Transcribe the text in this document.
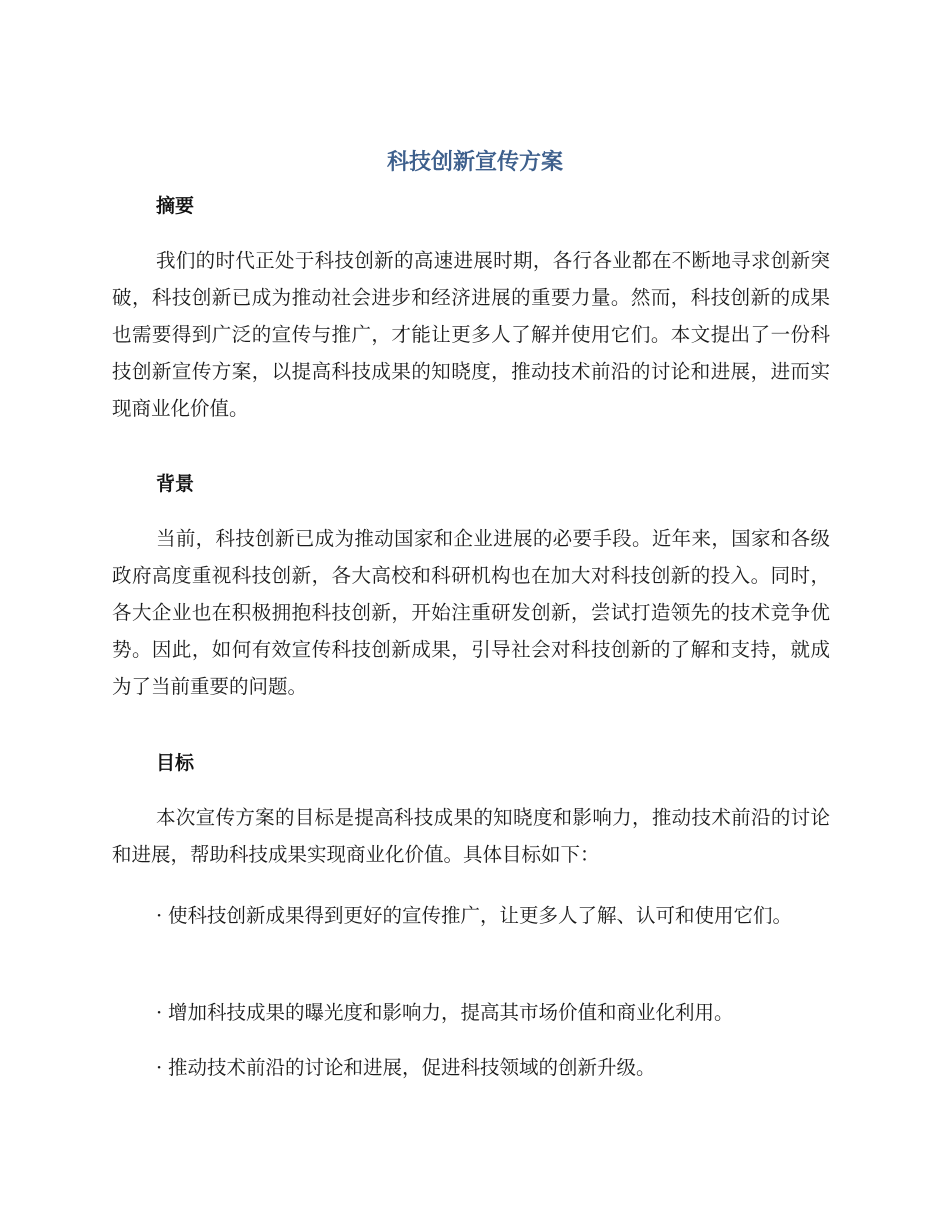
科技创新宣传方案
摘要

我们的时代正处于科技创新的高速进展时期，各行各业都在不断地寻求创新突破，科技创新已成为推动社会进步和经济进展的重要力量。然而，科技创新的成果也需要得到广泛的宣传与推广，才能让更多人了解并使用它们。本文提出了一份科技创新宣传方案，以提高科技成果的知晓度，推动技术前沿的讨论和进展，进而实现商业化价值。

背景

当前，科技创新已成为推动国家和企业进展的必要手段。近年来，国家和各级政府高度重视科技创新，各大高校和科研机构也在加大对科技创新的投入。同时，各大企业也在积极拥抱科技创新，开始注重研发创新，尝试打造领先的技术竞争优势。因此，如何有效宣传科技创新成果，引导社会对科技创新的了解和支持，就成为了当前重要的问题。

目标

本次宣传方案的目标是提高科技成果的知晓度和影响力，推动技术前沿的讨论和进展，帮助科技成果实现商业化价值。具体目标如下：

· 使科技创新成果得到更好的宣传推广，让更多人了解、认可和使用它们。

· 增加科技成果的曝光度和影响力，提高其市场价值和商业化利用。

· 推动技术前沿的讨论和进展，促进科技领域的创新升级。
